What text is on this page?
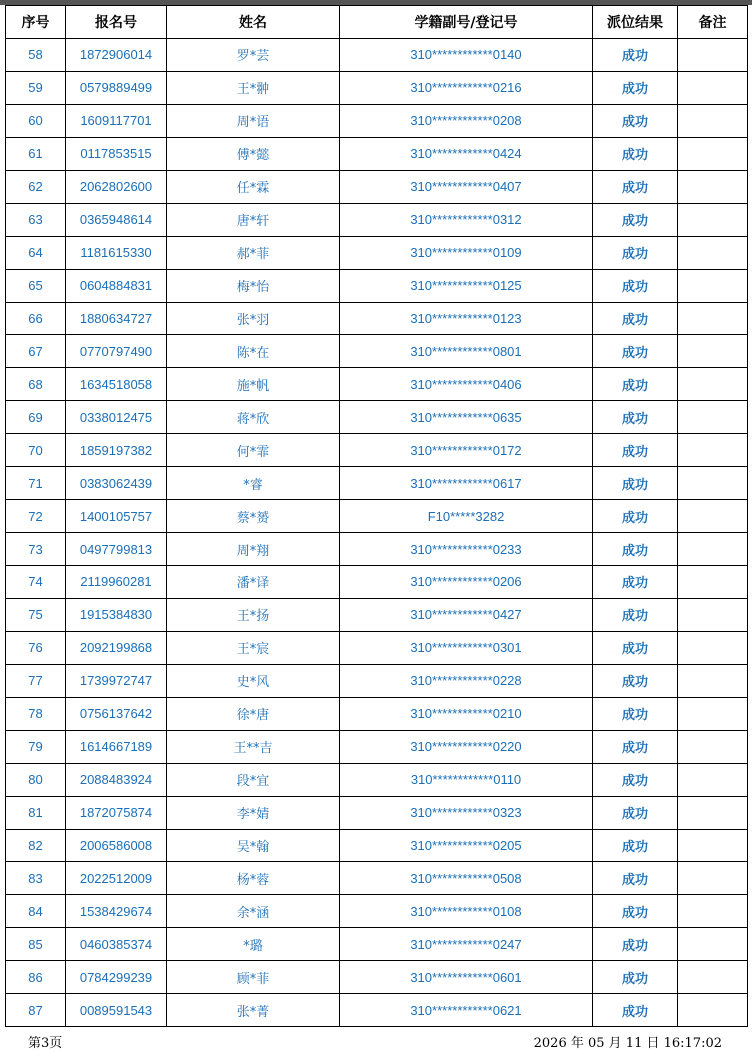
序号	报名号	姓名	学籍副号/登记号	派位结果	备注
58	1872906014	罗*芸	310************0140	成功	
59	0579889499	王*翀	310************0216	成功	
60	1609117701	周*语	310************0208	成功	
61	0117853515	傅*懿	310************0424	成功	
62	2062802600	任*霖	310************0407	成功	
63	0365948614	唐*轩	310************0312	成功	
64	1181615330	郝*菲	310************0109	成功	
65	0604884831	梅*怡	310************0125	成功	
66	1880634727	张*羽	310************0123	成功	
67	0770797490	陈*在	310************0801	成功	
68	1634518058	施*帆	310************0406	成功	
69	0338012475	蒋*欣	310************0635	成功	
70	1859197382	何*霏	310************0172	成功	
71	0383062439	*睿	310************0617	成功	
72	1400105757	蔡*赟	F10*****3282	成功	
73	0497799813	周*翔	310************0233	成功	
74	2119960281	潘*译	310************0206	成功	
75	1915384830	王*扬	310************0427	成功	
76	2092199868	王*宸	310************0301	成功	
77	1739972747	史*风	310************0228	成功	
78	0756137642	徐*唐	310************0210	成功	
79	1614667189	王**吉	310************0220	成功	
80	2088483924	段*宜	310************0110	成功	
81	1872075874	李*婧	310************0323	成功	
82	2006586008	吴*翰	310************0205	成功	
83	2022512009	杨*蓉	310************0508	成功	
84	1538429674	余*涵	310************0108	成功	
85	0460385374	*璐	310************0247	成功	
86	0784299239	顾*菲	310************0601	成功	
87	0089591543	张*菁	310************0621	成功	
第3页	2026 年 05 月 11 日 16:17:02
